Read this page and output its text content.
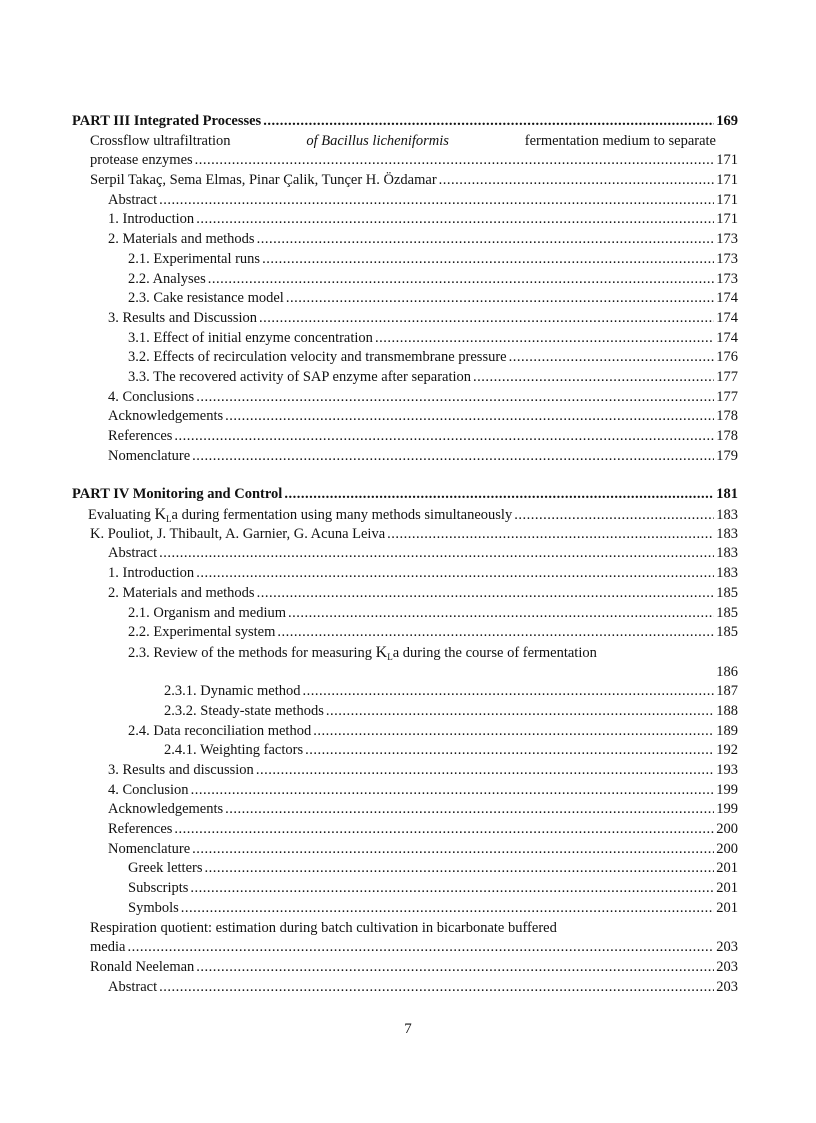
PART III Integrated Processes .....	169
Crossflow ultrafiltration	of Bacillus licheniformis	fermentation medium to separate
protease enzymes .....	171
Serpil Takaç, Sema Elmas, Pinar Çalik, Tunçer H. Özdamar .....	171
Abstract .....	171
1. Introduction .....	171
2. Materials and methods .....	173
2.1. Experimental runs .....	173
2.2. Analyses .....	173
2.3. Cake resistance model .....	174
3. Results and Discussion .....	174
3.1. Effect of initial enzyme concentration .....	174
3.2. Effects of recirculation velocity and transmembrane pressure .....	176
3.3. The recovered activity of SAP enzyme after separation .....	177
4. Conclusions .....	177
Acknowledgements .....	178
References .....	178
Nomenclature .....	179
PART IV Monitoring and Control .....	181
Evaluating $K_La$ during fermentation using many methods simultaneously .....	183
K. Pouliot, J. Thibault, A. Garnier, G. Acuna Leiva .....	183
Abstract .....	183
1. Introduction .....	183
2. Materials and methods .....	185
2.1. Organism and medium .....	185
2.2. Experimental system .....	185
2.3. Review of the methods for measuring $K_La$ during the course of fermentation
186
2.3.1. Dynamic method .....	187
2.3.2. Steady-state methods .....	188
2.4. Data reconciliation method .....	189
2.4.1. Weighting factors .....	192
3. Results and discussion .....	193
4. Conclusion .....	199
Acknowledgements .....	199
References .....	200
Nomenclature .....	200
Greek letters .....	201
Subscripts .....	201
Symbols .....	201
Respiration quotient: estimation during batch cultivation in bicarbonate buffered
media .....	203
Ronald Neeleman .....	203
Abstract .....	203
7
